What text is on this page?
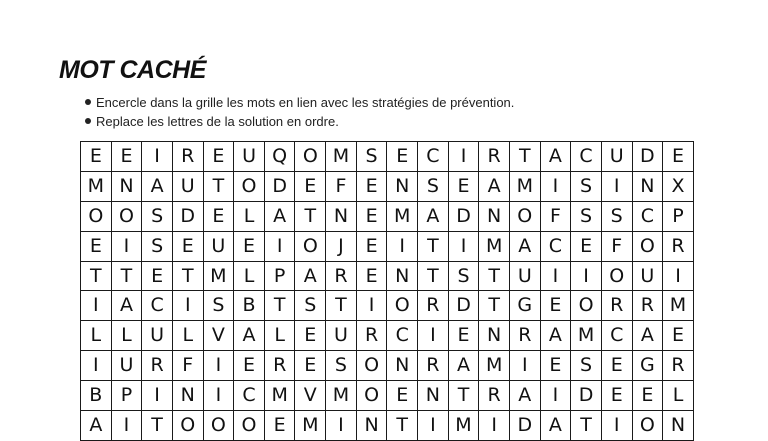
MOT CACHÉ
Encercle dans la grille les mots en lien avec les stratégies de prévention.
Replace les lettres de la solution en ordre.
E	E	I	R	E	U	Q	O	M	S	E	C	I	R	T	A	C	U	D	E
M	N	A	U	T	O	D	E	F	E	N	S	E	A	M	I	S	I	N	X
O	O	S	D	E	L	A	T	N	E	M	A	D	N	O	F	S	S	C	P
E	I	S	E	U	E	I	O	J	E	I	T	I	M	A	C	E	F	O	R
T	T	E	T	M	L	P	A	R	E	N	T	S	T	U	I	I	O	U	I
I	A	C	I	S	B	T	S	T	I	O	R	D	T	G	E	O	R	R	M
L	L	U	L	V	A	L	E	U	R	C	I	E	N	R	A	M	C	A	E
I	U	R	F	I	E	R	E	S	O	N	R	A	M	I	E	S	E	G	R
B	P	I	N	I	C	M	V	M	O	E	N	T	R	A	I	D	E	E	L
A	I	T	O	O	O	E	M	I	N	T	I	M	I	D	A	T	I	O	N
